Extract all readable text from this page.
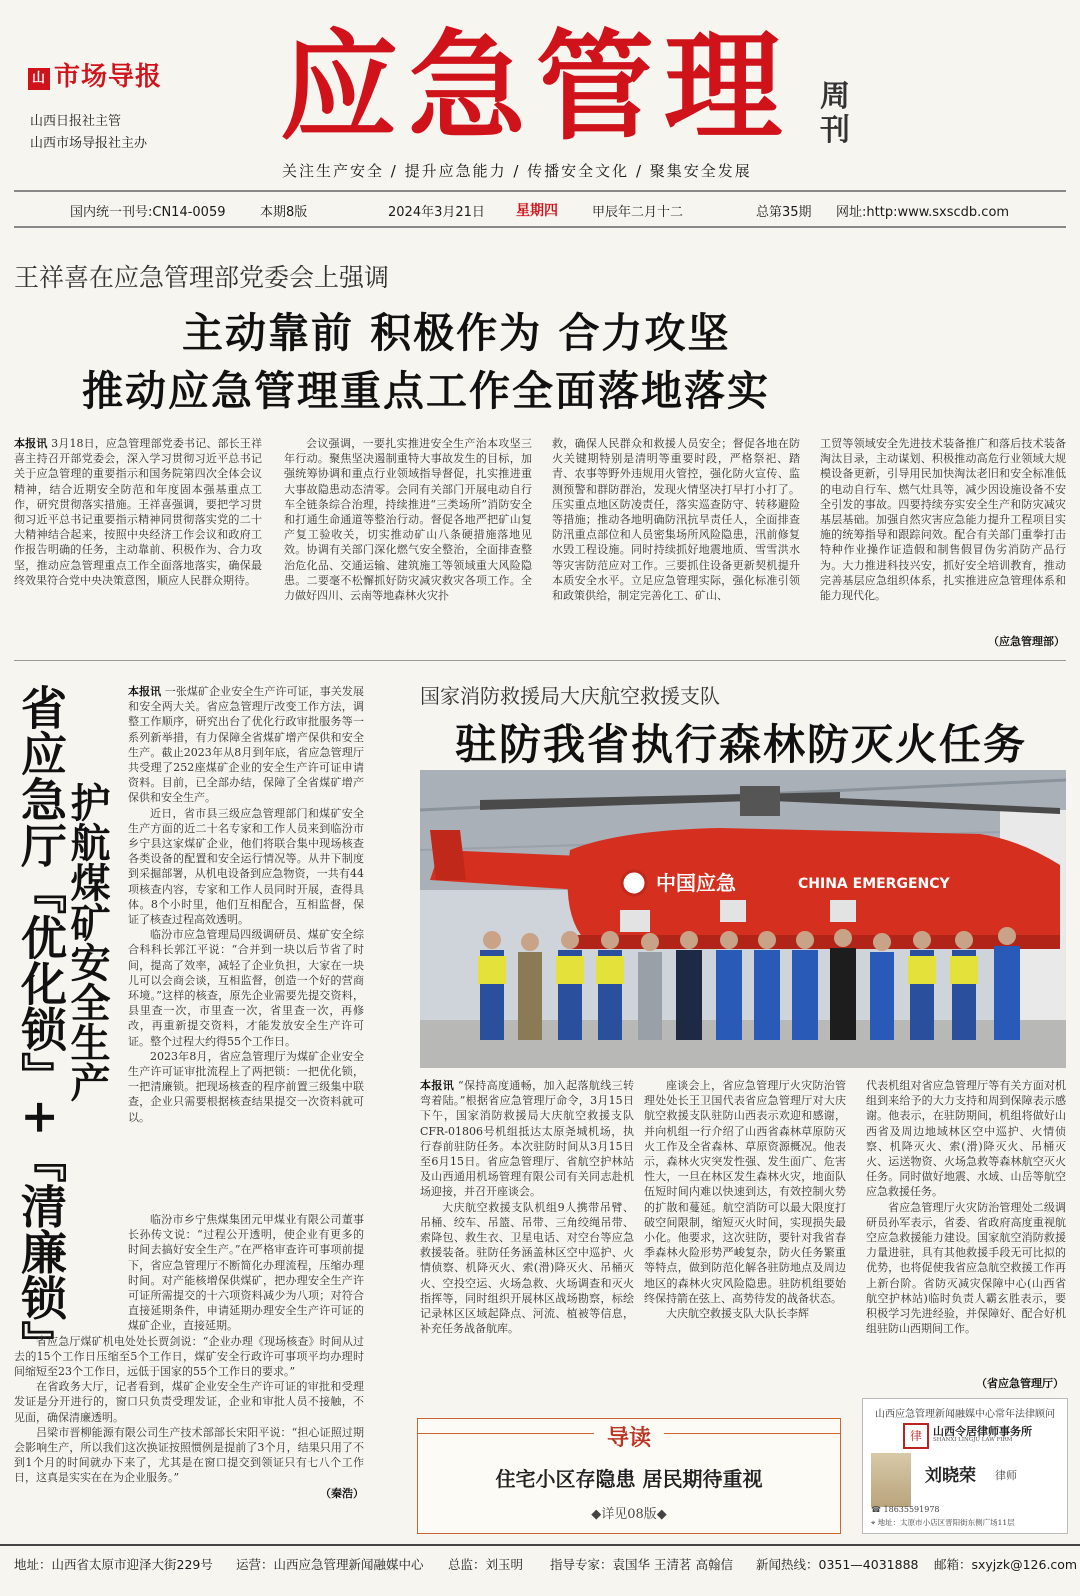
山 市场导报
山西日报社主管
山西市场导报社主办 应急管理 周刊
关注生产安全 / 提升应急能力 / 传播安全文化 / 聚集安全发展
国内统一刊号:CN14-0059	本期8版	2024年3月21日 星期四	甲辰年二月十二	总第35期 网址:http:www.sxscdb.com
王祥喜在应急管理部党委会上强调
主动靠前 积极作为 合力攻坚
推动应急管理重点工作全面落地落实
本报讯 3月18日，应急管理部党委书记、部长王祥喜主持召开部党委会，深入学习贯彻习近平总书记关于应急管理的重要指示和国务院第四次全体会议精神，结合近期安全防范和年度固本强基重点工作，研究贯彻落实措施。王祥喜强调，要把学习贯彻习近平总书记重要指示精神同贯彻落实党的二十大精神结合起来，按照中央经济工作会议和政府工作报告明确的任务，主动靠前、积极作为、合力攻坚，推动应急管理重点工作全面落地落实，确保最终效果符合党中央决策意图，顺应人民群众期待。
会议强调，一要扎实推进安全生产治本攻坚三年行动。聚焦坚决遏制重特大事故发生的目标，加强统筹协调和重点行业领域指导督促，扎实推进重大事故隐患动态清零。会同有关部门开展电动自行车全链条综合治理，持续推进“三类场所”消防安全和打通生命通道等整治行动。督促各地严把矿山复产复工验收关，切实推动矿山八条硬措施落地见效。协调有关部门深化燃气安全整治，全面排查整治危化品、交通运输、建筑施工等领域重大风险隐患。二要毫不松懈抓好防灾减灾救灾各项工作。全力做好四川、云南等地森林火灾扑
救，确保人民群众和救援人员安全；督促各地在防火关键期特别是清明等重要时段，严格祭祀、踏青、农事等野外违规用火管控，强化防火宣传、监测预警和群防群治，发现火情坚决打早打小打了。压实重点地区防凌责任，落实巡查防守、转移避险等措施；推动各地明确防汛抗旱责任人，全面排查防汛重点部位和人员密集场所风险隐患，汛前修复水毁工程设施。同时持续抓好地震地质、雪雪洪水等灾害防范应对工作。三要抓住设备更新契机提升本质安全水平。立足应急管理实际，强化标准引领和政策供给，制定完善化工、矿山、
工贸等领域安全先进技术装备推广和落后技术装备淘汰目录，主动谋划、积极推动高危行业领域大规模设备更新，引导用民加快淘汰老旧和安全标准低的电动自行车、燃气灶具等，减少因设施设备不安全引发的事故。四要持续夯实安全生产和防灾减灾基层基础。加强自然灾害应急能力提升工程项目实施的统筹指导和跟踪问效。配合有关部门重拳打击特种作业操作证造假和制售假冒伪劣消防产品行为。大力推进科技兴安，抓好安全培训教育，推动完善基层应急组织体系，扎实推进应急管理体系和能力现代化。
（应急管理部）
省应急厅『优化锁』+『清廉锁』
护航煤矿安全生产
本报讯 一张煤矿企业安全生产许可证，事关发展和安全两大关。省应急管理厅改变工作方法，调整工作顺序，研究出台了优化行政审批服务等一系列新举措，有力保障全省煤矿增产保供和安全生产。截止2023年从8月到年底，省应急管理厅共受理了252座煤矿企业的安全生产许可证申请资料。目前，已全部办结，保障了全省煤矿增产保供和安全生产。
近日，省市县三级应急管理部门和煤矿安全生产方面的近二十名专家和工作人员来到临汾市乡宁县这家煤矿企业，他们将联合集中现场核查各类设备的配置和安全运行情况等。从井下制度到采掘部署，从机电设备到应急物资，一共有44项核查内容，专家和工作人员同时开展，查得具体。8个小时里，他们互相配合，互相监督，保证了核查过程高效透明。
临汾市应急管理局四级调研员、煤矿安全综合科科长郭江平说：“合并到一块以后节省了时间，提高了效率，减轻了企业负担，大家在一块儿可以会商会谈，互相监督，创造一个好的营商环境。”这样的核查，原先企业需要先提交资料，县里查一次，市里查一次，省里查一次，再修改，再重新提交资料，才能发放安全生产许可证。整个过程大约得55个工作日。
2023年8月，省应急管理厅为煤矿企业安全生产许可证审批流程上了两把锁：一把优化锁，一把清廉锁。把现场核查的程序前置三级集中联查，企业只需要根据核查结果提交一次资料就可以。
临汾市乡宁焦煤集团元甲煤业有限公司董事长孙传文说：“过程公开透明，使企业有更多的时间去搞好安全生产。”在严格审查许可事项前提下，省应急管理厅不断简化办理流程，压缩办理时间。对产能核增保供煤矿，把办理安全生产许可证所需提交的十六项资料减少为八项；对符合直接延期条件，申请延期办理安全生产许可证的煤矿企业，直接延期。
省应急厅煤矿机电处处长贾剑说：“企业办理《现场核查》时间从过去的15个工作日压缩至5个工作日，煤矿安全行政许可事项平均办理时间缩短至23个工作日，远低于国家的55个工作日的要求。”
在省政务大厅，记者看到，煤矿企业安全生产许可证的审批和受理发证是分开进行的，窗口只负责受理发证，企业和审批人员不接触，不见面，确保清廉透明。
吕梁市晋柳能源有限公司生产技术部部长宋阳平说：“担心证照过期会影响生产，所以我们这次换证按照惯例是提前了3个月，结果只用了不到1个月的时间就办下来了，尤其是在窗口提交到领证只有七八个工作日，这真是实实在在为企业服务。”
（秦浩）
国家消防救援局大庆航空救援支队
驻防我省执行森林防灭火任务
中国应急	CHINA EMERGENCY
本报讯 “保持高度通畅，加入起落航线三转弯着陆。”根据省应急管理厅命令，3月15日下午，国家消防救援局大庆航空救援支队CFR-01806号机组抵达太原尧城机场，执行春前驻防任务。本次驻防时间从3月15日至6月15日。省应急管理厅、省航空护林站及山西通用机场管理有限公司有关同志赴机场迎接，并召开座谈会。
大庆航空救援支队机组9人携带吊臂、吊桶、绞车、吊篮、吊带、三角绞绳吊带、索降包、救生衣、卫星电话、对空台等应急救援装备。驻防任务涵盖林区空中巡护、火情侦察、机降灭火、索(滑)降灭火、吊桶灭火、空投空运、火场急救、火场调查和灭火指挥等，同时组织开展林区战场勘察，标绘记录林区区域起降点、河流、植被等信息，补充任务战备航库。
座谈会上，省应急管理厅火灾防治管理处处长王卫国代表省应急管理厅对大庆航空救援支队驻防山西表示欢迎和感谢，并向机组一行介绍了山西省森林草原防灭火工作及全省森林、草原资源概况。他表示，森林火灾突发性强、发生面广、危害性大，一旦在林区发生森林火灾，地面队伍短时间内难以快速到达，有效控制火势的扩散和蔓延。航空消防可以最大限度打破空间限制，缩短灭火时间，实现损失最小化。他要求，这次驻防，要针对我省春季森林火险形势严峻复杂，防火任务繁重等特点，做到防范化解各驻防地点及周边地区的森林火灾风险隐患。驻防机组要始终保持箭在弦上、高势待发的战备状态。
大庆航空救援支队大队长李辉
代表机组对省应急管理厅等有关方面对机组到来给予的大力支持和周到保障表示感谢。他表示，在驻防期间，机组将做好山西省及周边地域林区空中巡护、火情侦察、机降灭火、索(滑)降灭火、吊桶灭火、运送物资、火场急救等森林航空灭火任务。同时做好地震、水域、山岳等航空应急救援任务。
省应急管理厅火灾防治管理处二级调研员孙军表示，省委、省政府高度重视航空应急救援能力建设。国家航空消防救援力量进驻，具有其他救援手段无可比拟的优势，也将促使我省应急航空救援工作再上新台阶。省防灭减灾保障中心(山西省航空护林站)临时负责人霸玄胜表示，要积极学习先进经验，并保障好、配合好机组驻防山西期间工作。
（省应急管理厅）
导读
住宅小区存隐患 居民期待重视
◆详见08版◆
山西应急管理新闻融媒中心常年法律顾问
律	山西令居律师事务所
SHANXI LINGJU LAW FIRM
刘晓荣 律师
☎ 18635591978
⌖ 地址：太原市小店区晋阳街东侧广场11层
地址：山西省太原市迎泽大街229号 运营：山西应急管理新闻融媒中心 总监：刘玉明 指导专家：袁国华 王清茗 高翰信 新闻热线：0351—4031888 邮箱：sxyjzk@126.com
